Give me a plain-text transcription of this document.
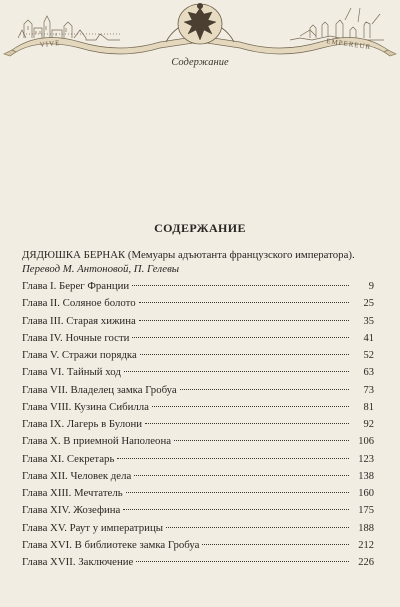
VIVE	EMPEREUR
Содержание
СОДЕРЖАНИЕ
ДЯДЮШКА БЕРНАК (Мемуары адъютанта французского императора). Перевод М. Антоновой, П. Гелевы
Глава I. Берег Франции	9
Глава II. Соляное болото	25
Глава III. Старая хижина	35
Глава IV. Ночные гости	41
Глава V. Стражи порядка	52
Глава VI. Тайный ход	63
Глава VII. Владелец замка Гробуа	73
Глава VIII. Кузина Сибилла	81
Глава IX. Лагерь в Булони	92
Глава X. В приемной Наполеона	106
Глава XI. Секретарь	123
Глава XII. Человек дела	138
Глава XIII. Мечтатель	160
Глава XIV. Жозефина	175
Глава XV. Раут у императрицы	188
Глава XVI. В библиотеке замка Гробуа	212
Глава XVII. Заключение	226
